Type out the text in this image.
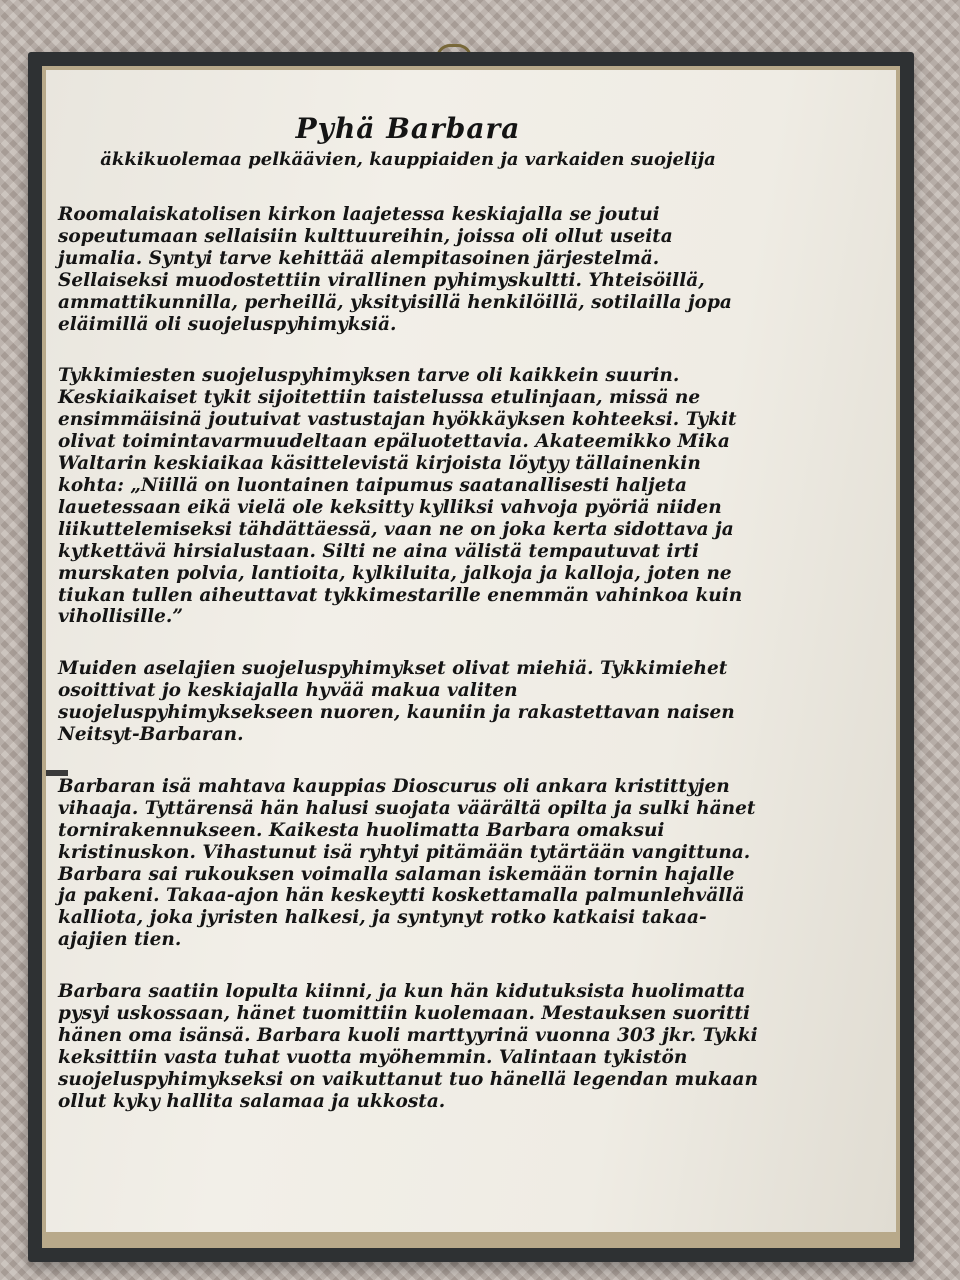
Pyhä Barbara
äkkikuolemaa pelkäävien, kauppiaiden ja varkaiden suojelija
Roomalaiskatolisen kirkon laajetessa keskiajalla se joutui sopeutumaan sellaisiin kulttuureihin, joissa oli ollut useita jumalia. Syntyi tarve kehittää alempitasoinen järjestelmä. Sellaiseksi muodostettiin virallinen pyhimyskultti. Yhteisöillä, ammattikunnilla, perheillä, yksityisillä henkilöillä, sotilailla jopa eläimillä oli suojeluspyhimyksiä.
Tykkimiesten suojeluspyhimyksen tarve oli kaikkein suurin. Keskiaikaiset tykit sijoitettiin taistelussa etulinjaan, missä ne ensimmäisinä joutuivat vastustajan hyökkäyksen kohteeksi. Tykit olivat toimintavarmuudeltaan epäluotettavia. Akateemikko Mika Waltarin keskiaikaa käsittelevistä kirjoista löytyy tällainenkin kohta: „Niillä on luontainen taipumus saatanallisesti haljeta lauetessaan eikä vielä ole keksitty kylliksi vahvoja pyöriä niiden liikuttelemiseksi tähdättäessä, vaan ne on joka kerta sidottava ja kytkettävä hirsialustaan. Silti ne aina välistä tempautuvat irti murskaten polvia, lantioita, kylkiluita, jalkoja ja kalloja, joten ne tiukan tullen aiheuttavat tykkimestarille enemmän vahinkoa kuin vihollisille.”
Muiden aselajien suojeluspyhimykset olivat miehiä. Tykkimiehet osoittivat jo keskiajalla hyvää makua valiten suojeluspyhimyksekseen nuoren, kauniin ja rakastettavan naisen Neitsyt-Barbaran.
Barbaran isä mahtava kauppias Dioscurus oli ankara kristittyjen vihaaja. Tyttärensä hän halusi suojata väärältä opilta ja sulki hänet tornirakennukseen. Kaikesta huolimatta Barbara omaksui kristinuskon. Vihastunut isä ryhtyi pitämään tytärtään vangittuna. Barbara sai rukouksen voimalla salaman iskemään tornin hajalle ja pakeni. Takaa-ajon hän keskeytti koskettamalla palmunlehvällä kalliota, joka jyristen halkesi, ja syntynyt rotko katkaisi takaa-ajajien tien.
Barbara saatiin lopulta kiinni, ja kun hän kidutuksista huolimatta pysyi uskossaan, hänet tuomittiin kuolemaan. Mestauksen suoritti hänen oma isänsä. Barbara kuoli marttyyrinä vuonna 303 jkr. Tykki keksittiin vasta tuhat vuotta myöhemmin. Valintaan tykistön suojeluspyhimykseksi on vaikuttanut tuo hänellä legendan mukaan ollut kyky hallita salamaa ja ukkosta.
